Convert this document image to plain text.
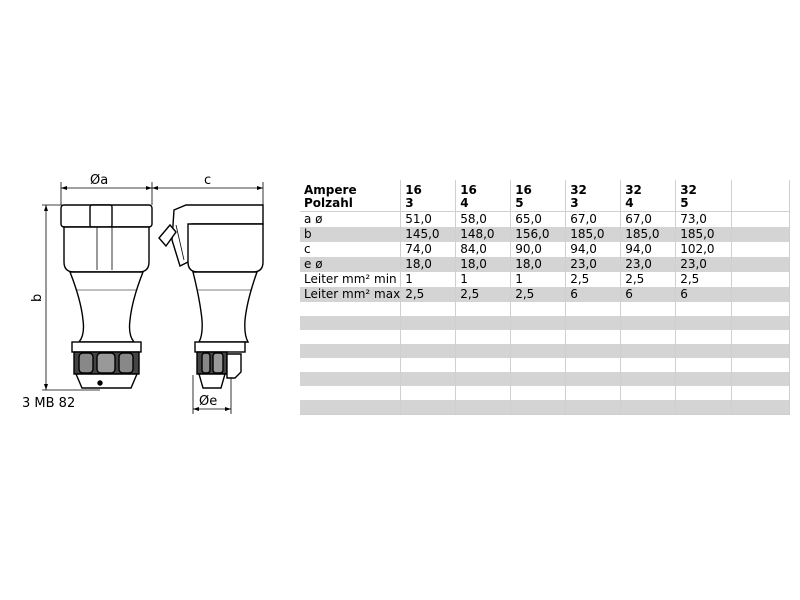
Øa	c
b
Øe
3 MB 82
Ampere	16	16	16	32	32	32	
Polzahl	3	4	5	3	4	5	
a ø	51,0	58,0	65,0	67,0	67,0	73,0	
b	145,0	148,0	156,0	185,0	185,0	185,0	
c	74,0	84,0	90,0	94,0	94,0	102,0	
e ø	18,0	18,0	18,0	23,0	23,0	23,0	
Leiter mm² min	1	1	1	2,5	2,5	2,5	
Leiter mm² max	2,5	2,5	2,5	6	6	6	
